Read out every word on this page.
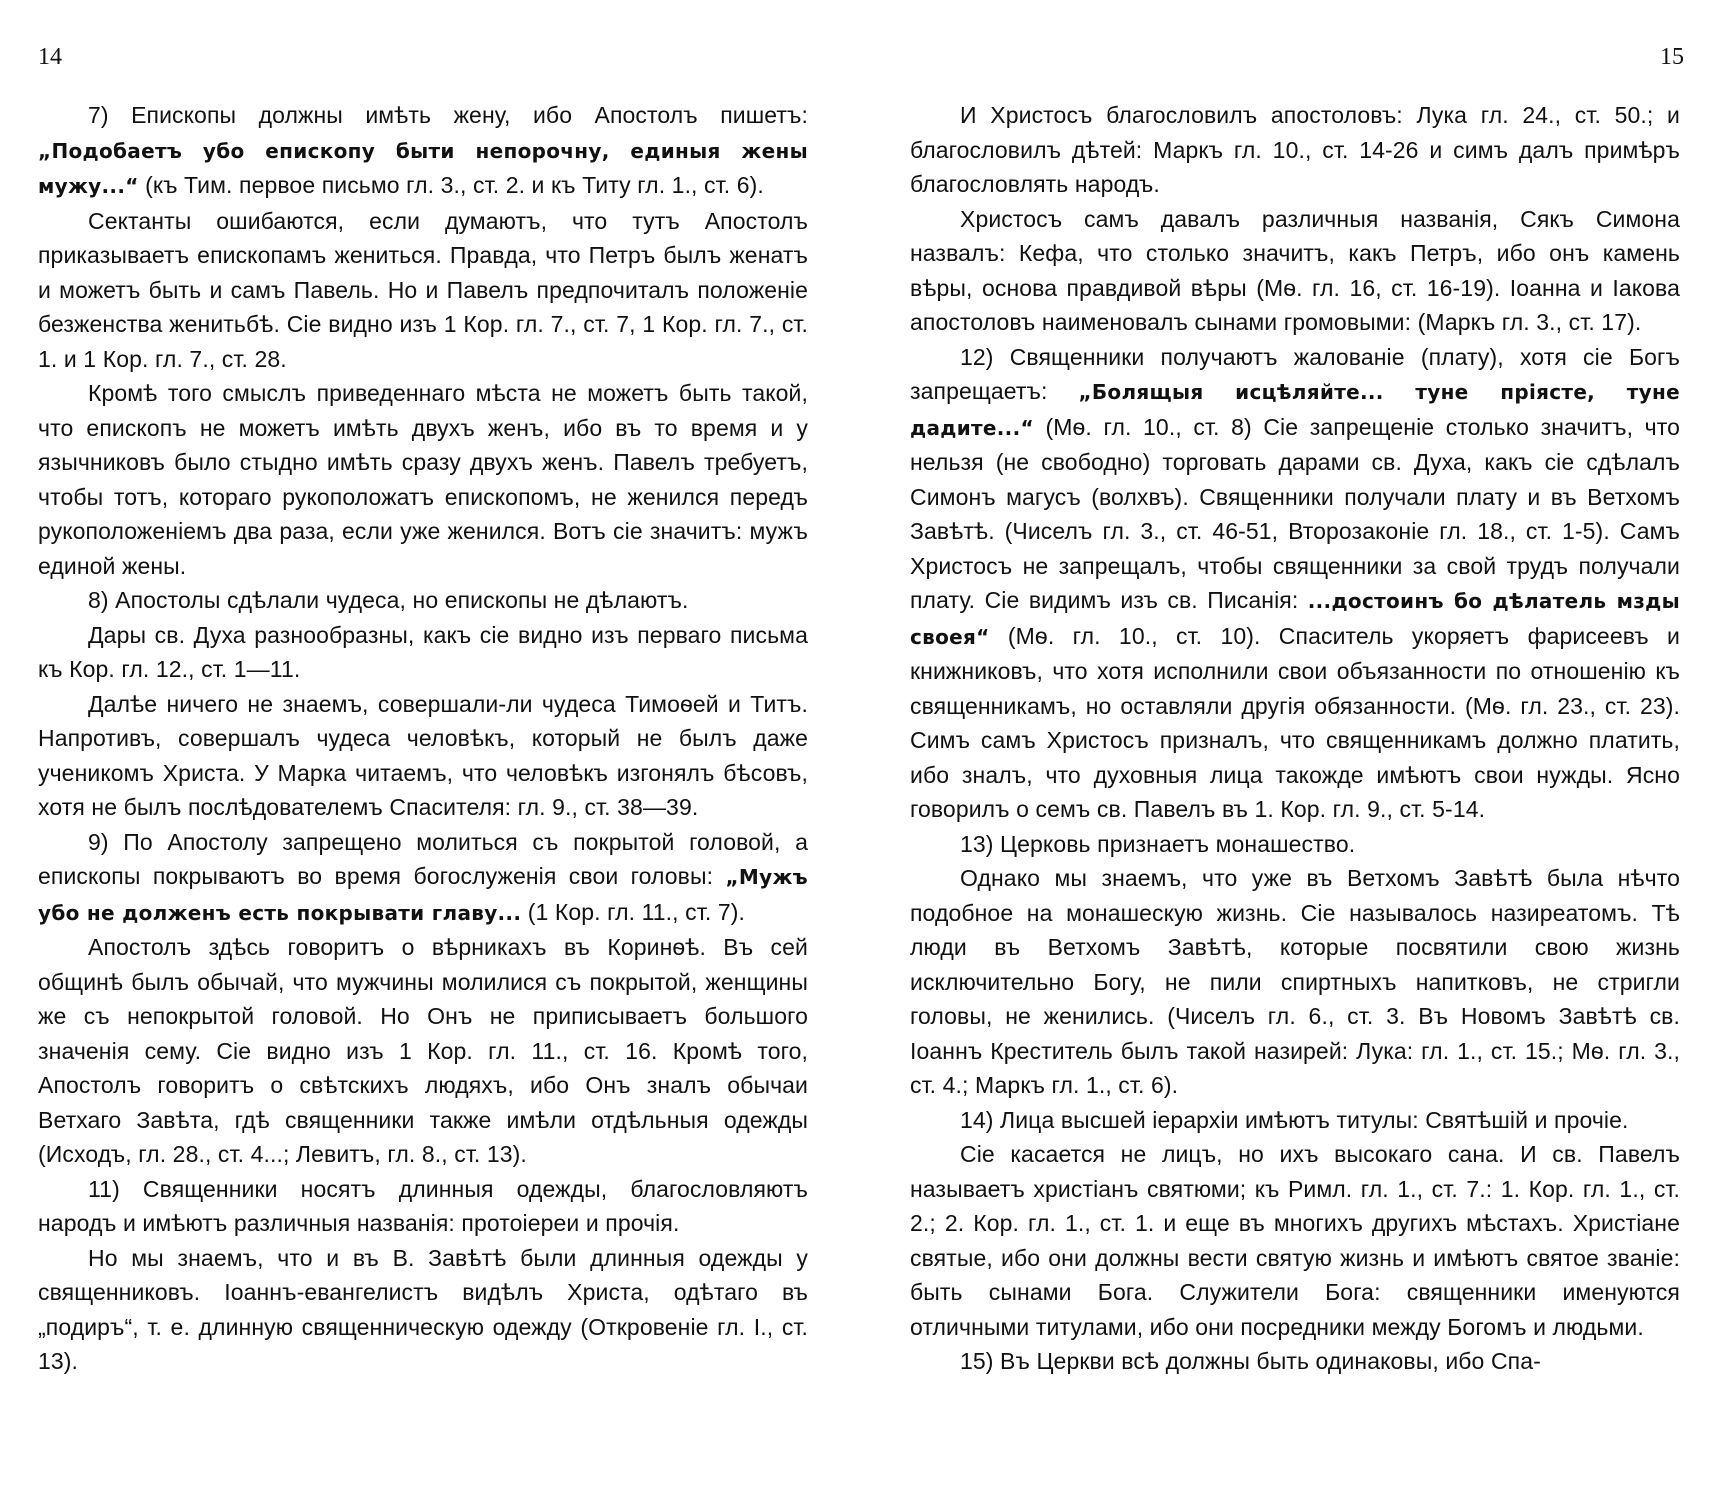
14	15

7) Епископы должны имѣть жену, ибо Апостолъ пишетъ: „Подобаетъ убо епископу быти непорочну, единыя жены мужу...“ (къ Тим. первое письмо гл. 3., ст. 2. и къ Титу гл. 1., ст. 6).

Сектанты ошибаются, если думаютъ, что тутъ Апостолъ приказываетъ епископамъ жениться. Правда, что Петръ былъ женатъ и можетъ быть и самъ Павель. Но и Павелъ предпочиталъ положеніе безженства женитьбѣ. Сіе видно изъ 1 Кор. гл. 7., ст. 7, 1 Кор. гл. 7., ст. 1. и 1 Кор. гл. 7., ст. 28.

Кромѣ того смыслъ приведеннаго мѣста не можетъ быть такой, что епископъ не можетъ имѣть двухъ женъ, ибо въ то время и у язычниковъ было стыдно имѣть сразу двухъ женъ. Павелъ требуетъ, чтобы тотъ, котораго рукоположатъ епископомъ, не женился передъ рукоположеніемъ два раза, если уже женился. Вотъ сіе значитъ: мужъ единой жены.

8) Апостолы сдѣлали чудеса, но епископы не дѣлаютъ.

Дары св. Духа разнообразны, какъ сіе видно изъ перваго письма къ Кор. гл. 12., ст. 1—11.

Далѣе ничего не знаемъ, совершали-ли чудеса Тимоѳей и Титъ. Напротивъ, совершалъ чудеса человѣкъ, который не былъ даже ученикомъ Христа. У Марка читаемъ, что человѣкъ изгонялъ бѣсовъ, хотя не былъ послѣдователемъ Спасителя: гл. 9., ст. 38—39.

9) По Апостолу запрещено молиться съ покрытой головой, а епископы покрываютъ во время богослуженія свои головы: „Мужъ убо не долженъ есть покрывати главу... (1 Кор. гл. 11., ст. 7).

Апостолъ здѣсь говоритъ о вѣрникахъ въ Коринѳѣ. Въ сей общинѣ былъ обычай, что мужчины молилися съ покрытой, женщины же съ непокрытой головой. Но Онъ не приписываетъ большого значенія сему. Сіе видно изъ 1 Кор. гл. 11., ст. 16. Кромѣ того, Апостолъ говоритъ о свѣтскихъ людяхъ, ибо Онъ зналъ обычаи Ветхаго Завѣта, гдѣ священники также имѣли отдѣльныя одежды (Исходъ, гл. 28., ст. 4...; Левитъ, гл. 8., ст. 13).

11) Священники носятъ длинныя одежды, благословляютъ народъ и имѣютъ различныя названія: протоіереи и прочія.

Но мы знаемъ, что и въ В. Завѣтѣ были длинныя одежды у священниковъ. Іоаннъ-евангелистъ видѣлъ Христа, одѣтаго въ „подиръ“, т. е. длинную священническую одежду (Откровеніе гл. I., ст. 13).

И Христосъ благословилъ апостоловъ: Лука гл. 24., ст. 50.; и благословилъ дѣтей: Маркъ гл. 10., ст. 14-26 и симъ далъ примѣръ благословлять народъ.

Христосъ самъ давалъ различныя названія, Сякъ Симона назвалъ: Кефа, что столько значитъ, какъ Петръ, ибо онъ камень вѣры, основа правдивой вѣры (Мѳ. гл. 16, ст. 16-19). Іоанна и Іакова апостоловъ наименовалъ сынами громовыми: (Маркъ гл. 3., ст. 17).

12) Священники получаютъ жалованіе (плату), хотя сіе Богъ запрещаетъ: „Болящыя исцѣляйте... туне пріясте, туне дадите...“ (Мѳ. гл. 10., ст. 8) Сіе запрещеніе столько значитъ, что нельзя (не свободно) торговать дарами св. Духа, какъ сіе сдѣлалъ Симонъ магусъ (волхвъ). Священники получали плату и въ Ветхомъ Завѣтѣ. (Чиселъ гл. 3., ст. 46-51, Второзаконіе гл. 18., ст. 1-5). Самъ Христосъ не запрещалъ, чтобы священники за свой трудъ получали плату. Сіе видимъ изъ св. Писанія: ...достоинъ бо дѣлатель мзды своея“ (Мѳ. гл. 10., ст. 10). Спаситель укоряетъ фарисеевъ и книжниковъ, что хотя исполнили свои объязанности по отношенію къ священникамъ, но оставляли другія обязанности. (Мѳ. гл. 23., ст. 23). Симъ самъ Христосъ призналъ, что священникамъ должно платить, ибо зналъ, что духовныя лица такожде имѣютъ свои нужды. Ясно говорилъ о семъ св. Павелъ въ 1. Кор. гл. 9., ст. 5-14.

13) Церковь признаетъ монашество.

Однако мы знаемъ, что уже въ Ветхомъ Завѣтѣ была нѣчто подобное на монашескую жизнь. Сіе называлось назиреатомъ. Тѣ люди въ Ветхомъ Завѣтѣ, которые посвятили свою жизнь исключительно Богу, не пили спиртныхъ напитковъ, не стригли головы, не женились. (Чиселъ гл. 6., ст. 3. Въ Новомъ Завѣтѣ св. Іоаннъ Креститель былъ такой назирей: Лука: гл. 1., ст. 15.; Мѳ. гл. 3., ст. 4.; Маркъ гл. 1., ст. 6).

14) Лица высшей іерархіи имѣютъ титулы: Святѣшій и прочіе.

Сіе касается не лицъ, но ихъ высокаго сана. И св. Павелъ называетъ христіанъ святюми; къ Римл. гл. 1., ст. 7.: 1. Кор. гл. 1., ст. 2.; 2. Кор. гл. 1., ст. 1. и еще въ многихъ другихъ мѣстахъ. Христіане святые, ибо они должны вести святую жизнь и имѣютъ святое званіе: быть сынами Бога. Служители Бога: священники именуются отличными титулами, ибо они посредники между Богомъ и людьми.

15) Въ Церкви всѣ должны быть одинаковы, ибо Спа-
